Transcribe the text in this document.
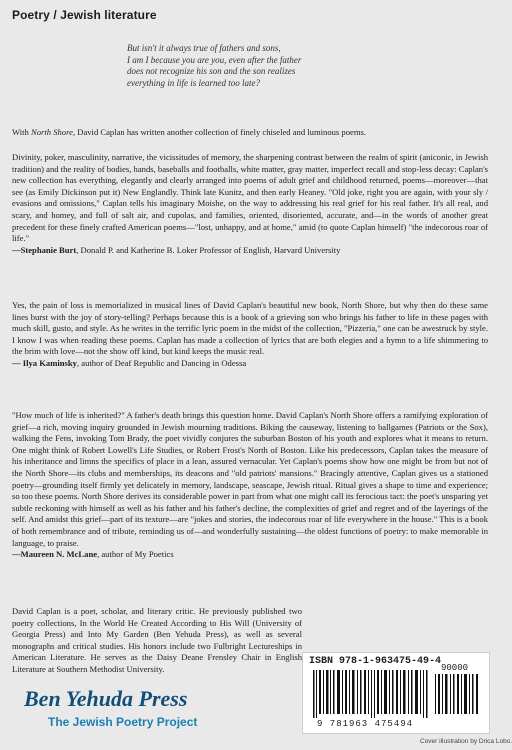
Poetry / Jewish literature
But isn't it always true of fathers and sons,
I am I because you are you, even after the father
does not recognize his son and the son realizes
everything in life is learned too late?

With North Shore, David Caplan has written another collection of finely chiseled and luminous poems.

Divinity, poker, masculinity, narrative, the vicissitudes of memory, the sharpening contrast between the realm of spirit (aniconic, in Jewish tradition) and the reality of bodies, hands, baseballs and footballs, white matter, gray matter, imperfect recall and stop-less decay: Caplan's new collection has everything, elegantly and clearly arranged into poems of adult grief and childhood returned, poems—moreover—that see (as Emily Dickinson put it) New Englandly. Think late Kunitz, and then early Heaney. "Old joke, right you are again, with your sly / evasions and omissions," Caplan tells his imaginary Moishe, on the way to addressing his real grief for his real father. It's all real, and scary, and homey, and full of salt air, and cupolas, and families, oriented, disoriented, accurate, and—in the words of another great precedent for these finely crafted American poems—"lost, unhappy, and at home," amid (to quote Caplan himself) "the indecorous roar of life."
—Stephanie Burt, Donald P. and Katherine B. Loker Professor of English, Harvard University

Yes, the pain of loss is memorialized in musical lines of David Caplan's beautiful new book, North Shore, but why then do these same lines burst with the joy of story-telling? Perhaps because this is a book of a grieving son who brings his father to life in these pages with much skill, gusto, and style. As he writes in the terrific lyric poem in the midst of the collection, "Pizzeria," one can be awestruck by style. I know I was when reading these poems. Caplan has made a collection of lyrics that are both elegies and a hymn to a life shimmering to the brim with love—not the show off kind, but kind keeps the music real.
— Ilya Kaminsky, author of Deaf Republic and Dancing in Odessa

"How much of life is inherited?" A father's death brings this question home. David Caplan's North Shore offers a ramifying exploration of grief—a rich, moving inquiry grounded in Jewish mourning traditions. Biking the causeway, listening to ballgames (Patriots or the Sox), walking the Fens, invoking Tom Brady, the poet vividly conjures the suburban Boston of his youth and explores what it means to return. One might think of Robert Lowell's Life Studies, or Robert Frost's North of Boston. Like his predecessors, Caplan takes the measure of his inheritance and limns the specifics of place in a lean, assured vernacular. Yet Caplan's poems show how one might be from but not of the North Shore—its clubs and memberships, its deacons and "old patriots' mansions." Bracingly attentive, Caplan gives us a stationed poetry—grounding itself firmly yet delicately in memory, landscape, seascape, Jewish ritual. Ritual gives a shape to time and experience; so too these poems. North Shore derives its considerable power in part from what one might call its ferocious tact: the poet's unsparing yet subtle reckoning with himself as well as his father and his father's decline, the complexities of grief and regret and of the layerings of the self. And amidst this grief—part of its texture—are "jokes and stories, the indecorous roar of life everywhere in the house." This is a book of both remembrance and of tribute, reminding us of—and wonderfully sustaining—the oldest functions of poetry: to make memorable in language, to praise.
—Maureen N. McLane, author of My Poetics

David Caplan is a poet, scholar, and literary critic. He previously published two poetry collections, In the World He Created According to His Will (University of Georgia Press) and Into My Garden (Ben Yehuda Press), as well as several monographs and critical studies. His honors include two Fulbright Lectureships in American Literature. He serves as the Daisy Deane Frensley Chair in English Literature at Southern Methodist University.

Ben Yehuda Press
The Jewish Poetry Project
ISBN 978-1-963475-49-4
9 781963 475494
90000
Cover illustration by Drica Lobo.
